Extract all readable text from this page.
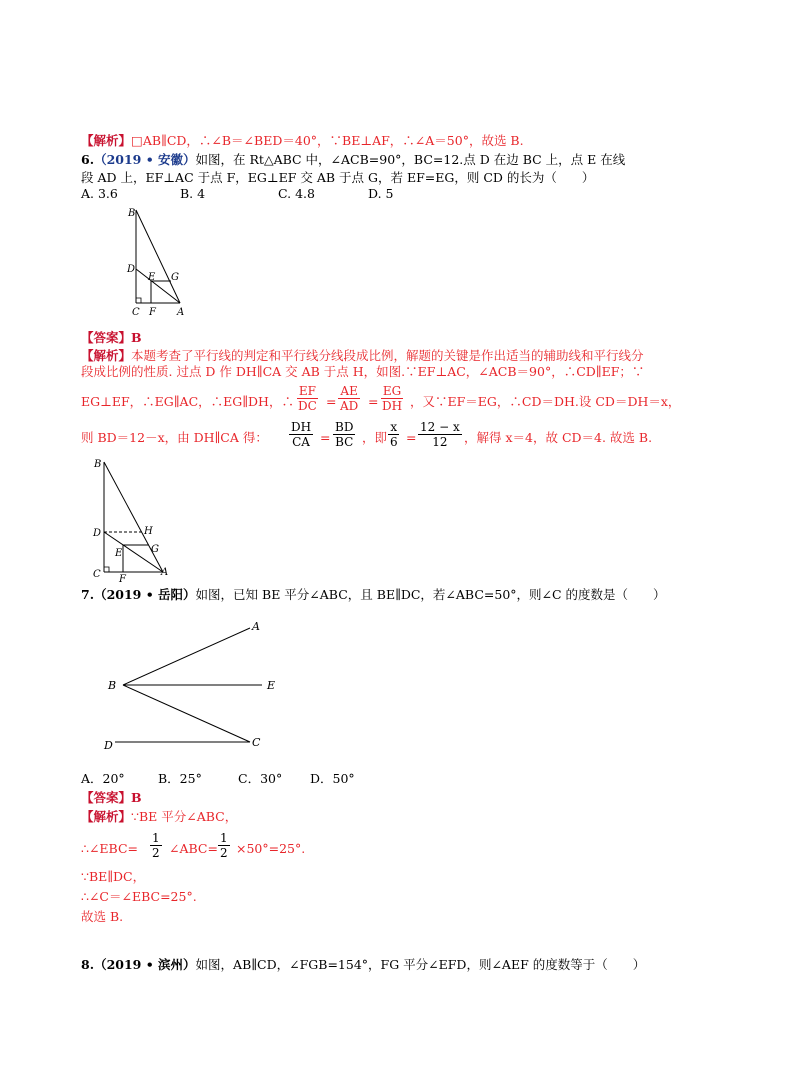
【解析】□AB∥CD，∴∠B＝∠BED＝40°，∵BE⊥AF，∴∠A＝50°，故选 B.
6.（2019 • 安徽）如图，在 Rt△ABC 中，∠ACB=90°，BC=12.点 D 在边 BC 上，点 E 在线
段 AD 上，EF⊥AC 于点 F，EG⊥EF 交 AB 于点 G，若 EF=EG，则 CD 的长为（　　）
A. 3.6	B. 4	C. 4.8	D. 5
B
D
E G
C F A
【答案】B
【解析】本题考查了平行线的判定和平行线分线段成比例，解题的关键是作出适当的辅助线和平行线分
段成比例的性质. 过点 D 作 DH∥CA 交 AB 于点 H，如图.∵EF⊥AC，∠ACB＝90°，∴CD∥EF；∵
EG⊥EF，∴EG∥AC，∴EG∥DH，∴ $\frac{EF}{DC} = \frac{AE}{AD} = \frac{EG}{DH}$ ，又∵EF＝EG，∴CD＝DH.设 CD＝DH＝x，
则 BD＝12－x，由 DH∥CA 得： $\frac{DH}{CA} = \frac{BD}{BC}$ ，即 $\frac{x}{6} = \frac{12 - x}{12}$ ，解得 x＝4，故 CD＝4. 故选 B.
B
D	H
E	G
C F
A
7.（2019 • 岳阳）如图，已知 BE 平分∠ABC，且 BE∥DC，若∠ABC=50°，则∠C 的度数是（　　）
A
B	E
D	C
A．20°	B．25°	C．30° D．50°
【答案】B
【解析】∵BE 平分∠ABC，
∴∠EBC= $\frac{1}{2}$ ∠ABC= $\frac{1}{2} \times 50^\circ=25^\circ$.
∵BE∥DC，
∴∠C＝∠EBC=25°.
故选 B.
8.（2019 • 滨州）如图，AB∥CD，∠FGB=154°，FG 平分∠EFD，则∠AEF 的度数等于（　　）
